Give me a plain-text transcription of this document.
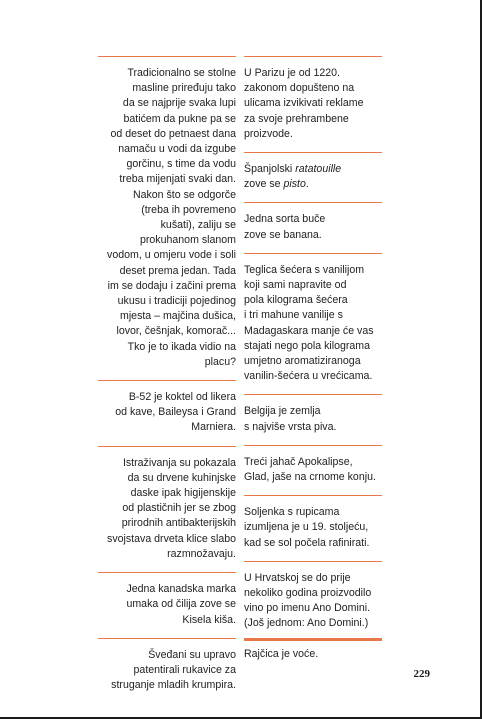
Tradicionalno se stolne
masline priređuju tako
da se najprije svaka lupi
batićem da pukne pa se
od deset do petnaest dana
namaču u vodi da izgube
gorčinu, s time da vodu
treba mijenjati svaki dan.
Nakon što se odgorče
(treba ih povremeno
kušati), zaliju se
prokuhanom slanom
vodom, u omjeru vode i soli
deset prema jedan. Tada
im se dodaju i začini prema
ukusu i tradiciji pojedinog
mjesta – majčina dušica,
lovor, češnjak, komorač...
Tko je to ikada vidio na
placu?
B-52 je koktel od likera
od kave, Baileysa i Grand
Marniera.
Istraživanja su pokazala
da su drvene kuhinjske
daske ipak higijenskije
od plastičnih jer se zbog
prirodnih antibakterijskih
svojstava drveta klice slabo
razmnožavaju.
Jedna kanadska marka
umaka od čilija zove se
Kisela kiša.
Šveđani su upravo
patentirali rukavice za
struganje mladih krumpira.
U Parizu je od 1220.
zakonom dopušteno na
ulicama izvikivati reklame
za svoje prehrambene
proizvode.
Španjolski ratatouille
zove se pisto.
Jedna sorta buče
zove se banana.
Teglica šećera s vanilijom
koji sami napravite od
pola kilograma šećera
i tri mahune vanilije s
Madagaskara manje će vas
stajati nego pola kilograma
umjetno aromatiziranoga
vanilin-šećera u vrećicama.
Belgija je zemlja
s najviše vrsta piva.
Treći jahač Apokalipse,
Glad, jaše na crnome konju.
Soljenka s rupicama
izumljena je u 19. stoljeću,
kad se sol počela rafinirati.
U Hrvatskoj se do prije
nekoliko godina proizvodilo
vino po imenu Ano Domini.
(Još jednom: Ano Domini.)
Rajčica je voće.
229
